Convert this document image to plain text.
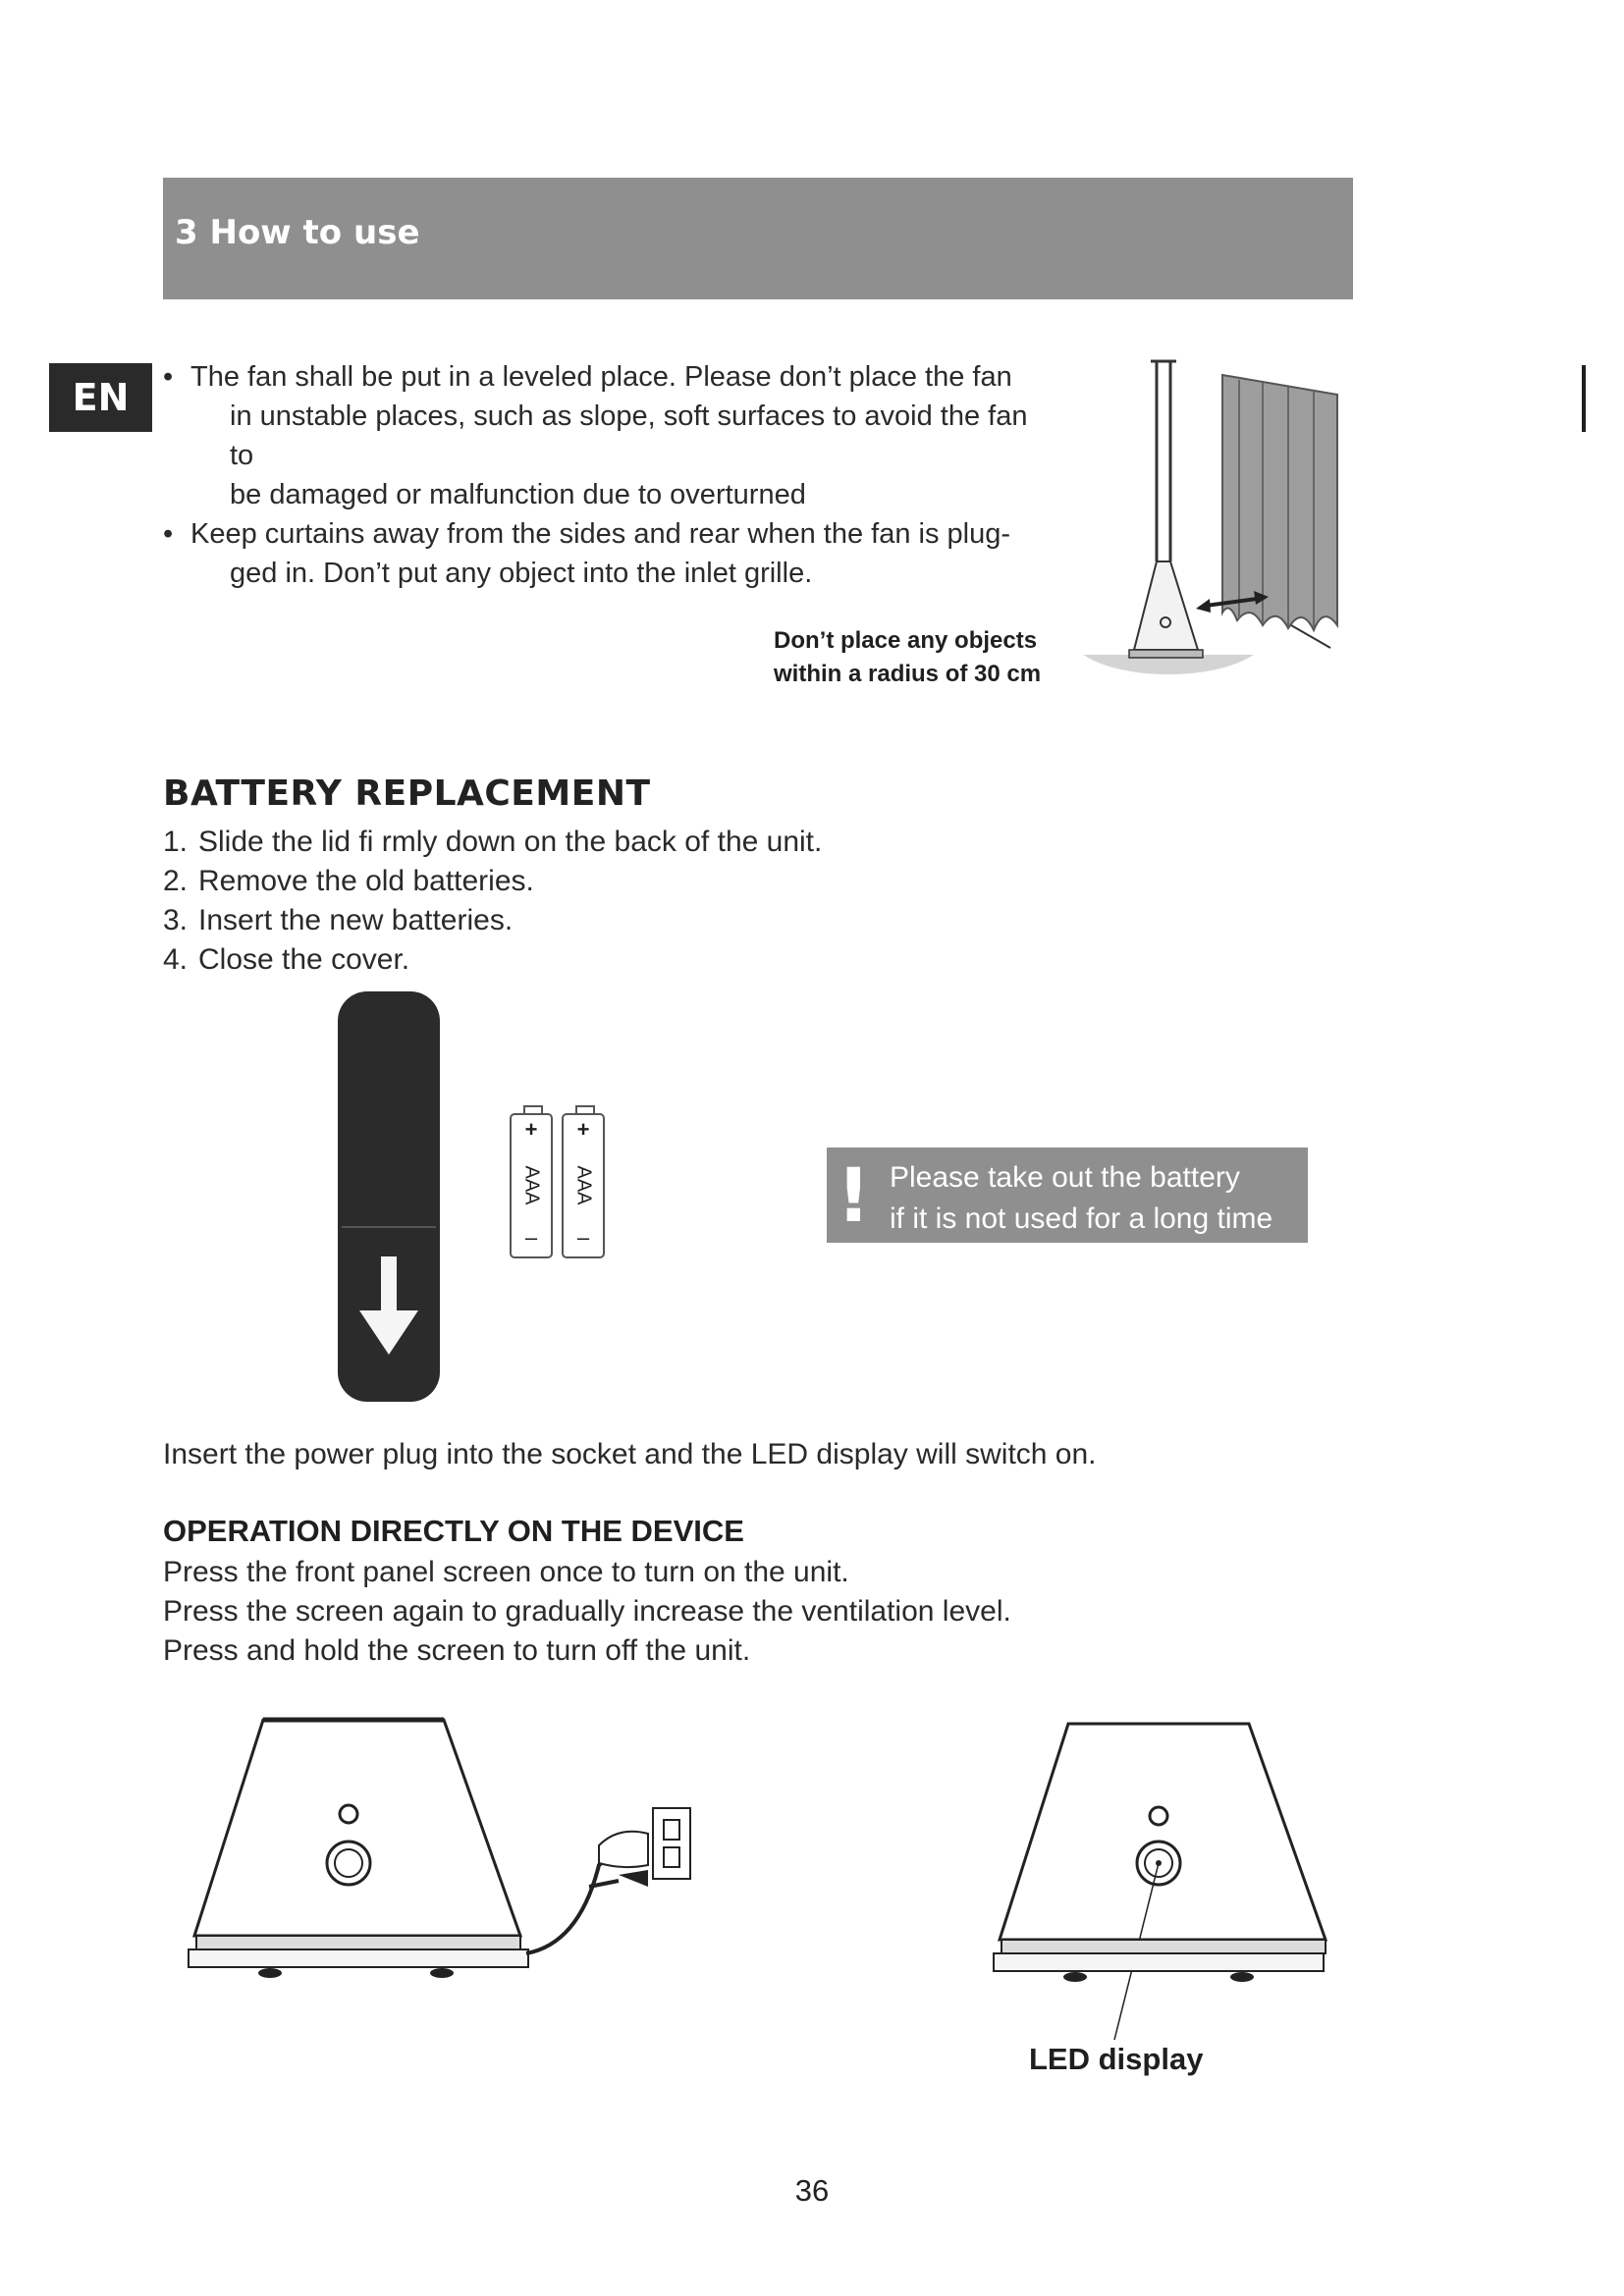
3 How to use
EN
•	The fan shall be put in a leveled place. Please don’t place the fan
in unstable places, such as slope, soft surfaces to avoid the fan to
be damaged or malfunction due to overturned
• Keep curtains away from the sides and rear when the fan is plug-
ged in. Don’t put any object into the inlet grille.
Don’t place any objects
within a radius of 30 cm
BATTERY REPLACEMENT
1. Slide the lid ﬁ rmly down on the back of the unit.
2. Remove the old batteries.
3. Insert the new batteries.
4. Close the cover.
+
AAA
–
+
AAA
–	! Please take out the battery
if it is not used for a long time
Insert the power plug into the socket and the LED display will switch on.
OPERATION DIRECTLY ON THE DEVICE
Press the front panel screen once to turn on the unit.
Press the screen again to gradually increase the ventilation level.
Press and hold the screen to turn off the unit.
LED display
36
